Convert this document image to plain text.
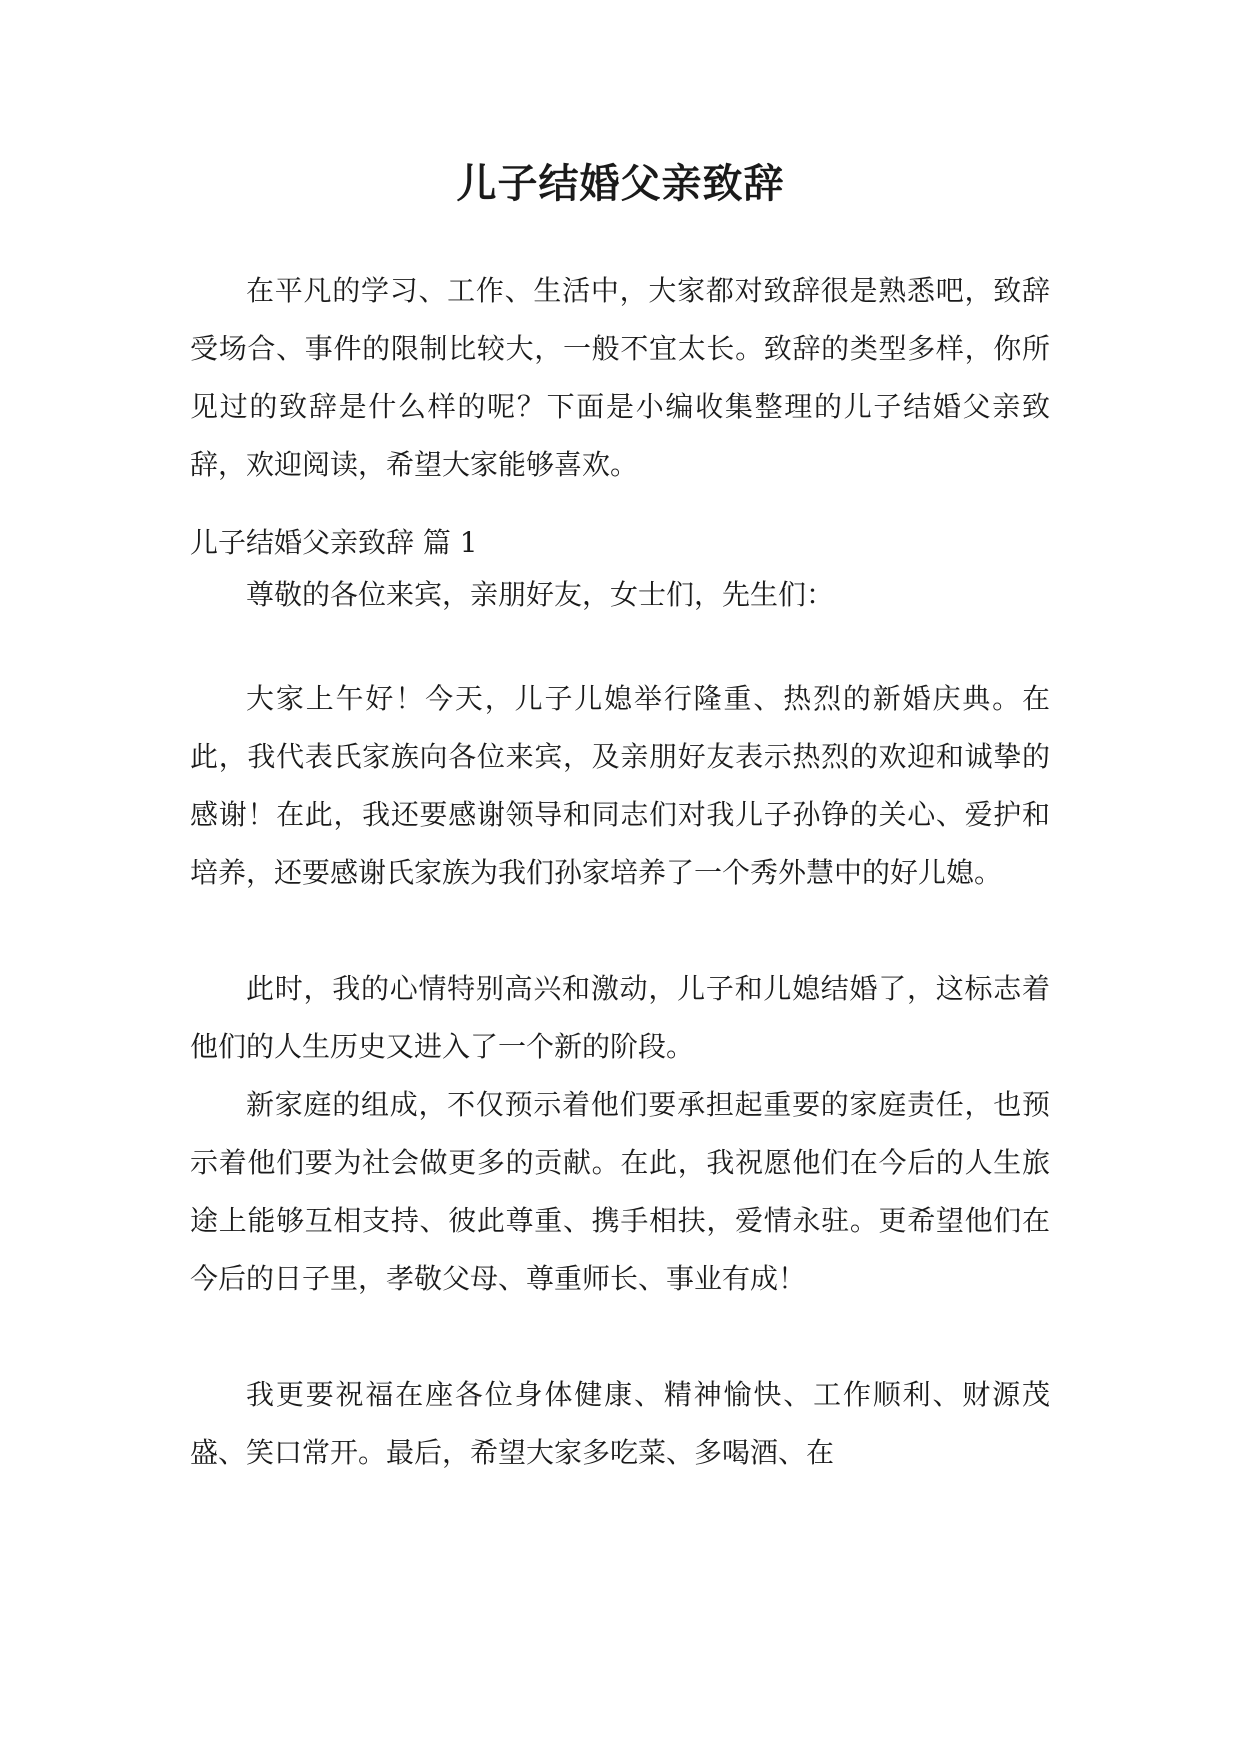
儿子结婚父亲致辞

在平凡的学习、工作、生活中，大家都对致辞很是熟悉吧，致辞受场合、事件的限制比较大，一般不宜太长。致辞的类型多样，你所见过的致辞是什么样的呢？下面是小编收集整理的儿子结婚父亲致辞，欢迎阅读，希望大家能够喜欢。

儿子结婚父亲致辞 篇 1

尊敬的各位来宾，亲朋好友，女士们，先生们：

大家上午好！今天，儿子儿媳举行隆重、热烈的新婚庆典。在此，我代表氏家族向各位来宾，及亲朋好友表示热烈的欢迎和诚挚的感谢！在此，我还要感谢领导和同志们对我儿子孙铮的关心、爱护和培养，还要感谢氏家族为我们孙家培养了一个秀外慧中的好儿媳。

此时，我的心情特别高兴和激动，儿子和儿媳结婚了，这标志着他们的人生历史又进入了一个新的阶段。

新家庭的组成，不仅预示着他们要承担起重要的家庭责任，也预示着他们要为社会做更多的贡献。在此，我祝愿他们在今后的人生旅途上能够互相支持、彼此尊重、携手相扶，爱情永驻。更希望他们在今后的日子里，孝敬父母、尊重师长、事业有成！

我更要祝福在座各位身体健康、精神愉快、工作顺利、财源茂盛、笑口常开。最后，希望大家多吃菜、多喝酒、在
